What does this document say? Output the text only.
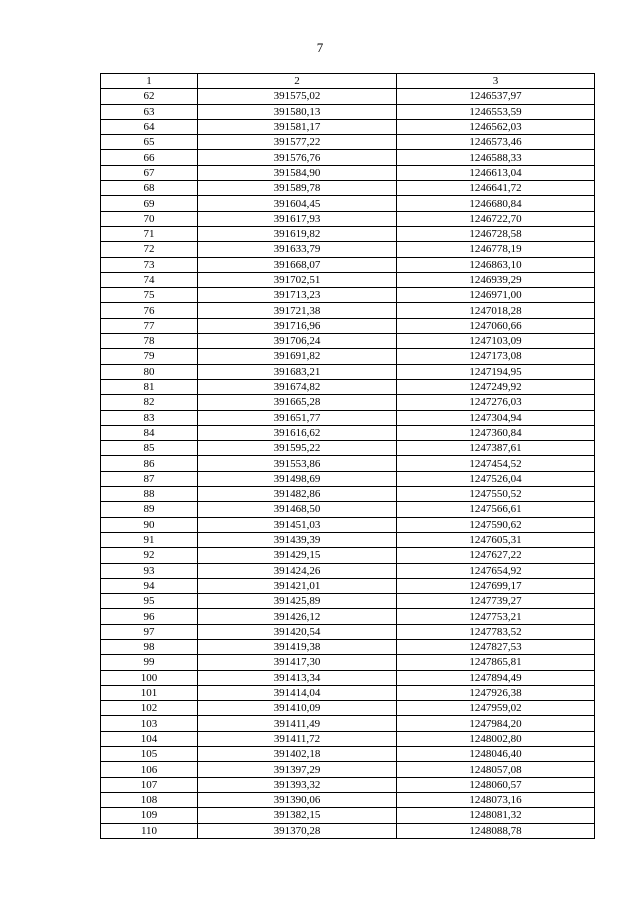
7
1	2	3
62	391575,02	1246537,97
63	391580,13	1246553,59
64	391581,17	1246562,03
65	391577,22	1246573,46
66	391576,76	1246588,33
67	391584,90	1246613,04
68	391589,78	1246641,72
69	391604,45	1246680,84
70	391617,93	1246722,70
71	391619,82	1246728,58
72	391633,79	1246778,19
73	391668,07	1246863,10
74	391702,51	1246939,29
75	391713,23	1246971,00
76	391721,38	1247018,28
77	391716,96	1247060,66
78	391706,24	1247103,09
79	391691,82	1247173,08
80	391683,21	1247194,95
81	391674,82	1247249,92
82	391665,28	1247276,03
83	391651,77	1247304,94
84	391616,62	1247360,84
85	391595,22	1247387,61
86	391553,86	1247454,52
87	391498,69	1247526,04
88	391482,86	1247550,52
89	391468,50	1247566,61
90	391451,03	1247590,62
91	391439,39	1247605,31
92	391429,15	1247627,22
93	391424,26	1247654,92
94	391421,01	1247699,17
95	391425,89	1247739,27
96	391426,12	1247753,21
97	391420,54	1247783,52
98	391419,38	1247827,53
99	391417,30	1247865,81
100	391413,34	1247894,49
101	391414,04	1247926,38
102	391410,09	1247959,02
103	391411,49	1247984,20
104	391411,72	1248002,80
105	391402,18	1248046,40
106	391397,29	1248057,08
107	391393,32	1248060,57
108	391390,06	1248073,16
109	391382,15	1248081,32
110	391370,28	1248088,78
